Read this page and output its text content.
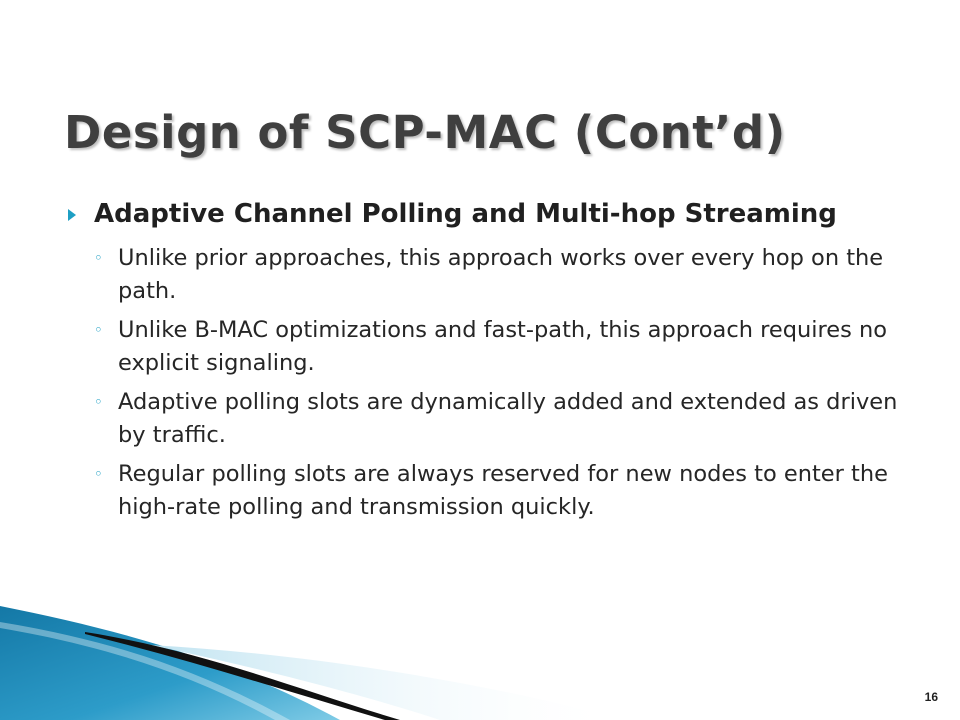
Design of SCP-MAC (Cont’d)
Adaptive Channel Polling and Multi-hop Streaming
◦ Unlike prior approaches, this approach works over every hop on the path.
◦ Unlike B-MAC optimizations and fast-path, this approach requires no explicit signaling.
◦ Adaptive polling slots are dynamically added and extended as driven by traffic.
◦ Regular polling slots are always reserved for new nodes to enter the high-rate polling and transmission quickly.
16
